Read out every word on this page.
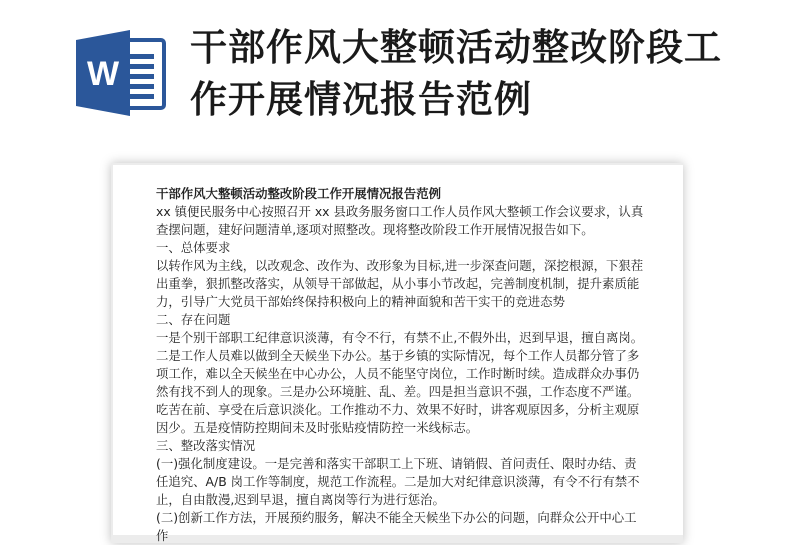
W
干部作风大整顿活动整改阶段工作开展情况报告范例

干部作风大整顿活动整改阶段工作开展情况报告范例

xx 镇便民服务中心按照召开 xx 县政务服务窗口工作人员作风大整顿工作会议要求，认真查摆问题，建好问题清单,逐项对照整改。现将整改阶段工作开展情况报告如下。

一、总体要求

以转作风为主线，以改观念、改作为、改形象为目标,进一步深查问题，深挖根源，下狠茬出重拳，狠抓整改落实，从领导干部做起，从小事小节改起，完善制度机制，提升素质能力，引导广大党员干部始终保持积极向上的精神面貌和苦干实干的竞进态势

二、存在问题

一是个别干部职工纪律意识淡薄，有令不行，有禁不止,不假外出，迟到早退，擅自离岗。二是工作人员难以做到全天候坐下办公。基于乡镇的实际情况，每个工作人员都分管了多项工作，难以全天候坐在中心办公，人员不能坚守岗位，工作时断时续。造成群众办事仍然有找不到人的现象。三是办公环境脏、乱、差。四是担当意识不强，工作态度不严谨。吃苦在前、享受在后意识淡化。工作推动不力、效果不好时，讲客观原因多，分析主观原因少。五是疫情防控期间未及时张贴疫情防控一米线标志。

三、整改落实情况

(一)强化制度建设。一是完善和落实干部职工上下班、请销假、首问责任、限时办结、责任追究、A/B 岗工作等制度，规范工作流程。二是加大对纪律意识淡薄，有令不行有禁不止，自由散漫,迟到早退，擅自离岗等行为进行惩治。

(二)创新工作方法，开展预约服务，解决不能全天候坐下办公的问题，向群众公开中心工作
